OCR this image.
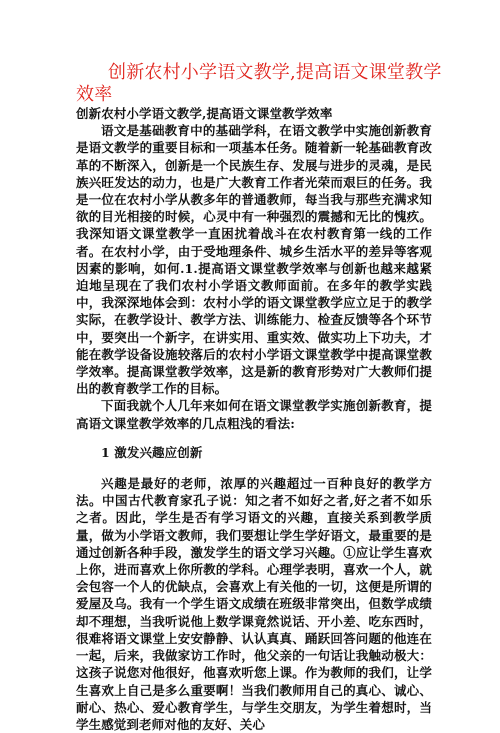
创新农村小学语文教学,提高语文课堂教学效率

创新农村小学语文教学,提高语文课堂教学效率

语文是基础教育中的基础学科，在语文教学中实施创新教育是语文教学的重要目标和一项基本任务。随着新一轮基础教育改革的不断深入，创新是一个民族生存、发展与进步的灵魂，是民族兴旺发达的动力，也是广大教育工作者光荣而艰巨的任务。我是一位在农村小学从教多年的普通教师，每当我与那些充满求知欲的目光相接的时候，心灵中有一种强烈的震撼和无比的愧疚。我深知语文课堂教学一直困扰着战斗在农村教育第一线的工作者。在农村小学，由于受地理条件、城乡生活水平的差异等客观因素的影响，如何.1.提高语文课堂教学效率与创新也越来越紧迫地呈现在了我们农村小学语文教师面前。在多年的教学实践中，我深深地体会到：农村小学的语文课堂教学应立足于的教学实际，在教学设计、教学方法、训练能力、检查反馈等各个环节中，要突出一个新字，在讲实用、重实效、做实功上下功夫，才能在教学设备设施较落后的农村小学语文课堂教学中提高课堂教学效率。提高课堂教学效率，这是新的教育形势对广大教师们提出的教育教学工作的目标。

下面我就个人几年来如何在语文课堂教学实施创新教育，提高语文课堂教学效率的几点粗浅的看法:

1 激发兴趣应创新

兴趣是最好的老师，浓厚的兴趣超过一百种良好的教学方法。中国古代教育家孔子说：知之者不如好之者,好之者不如乐之者。因此，学生是否有学习语文的兴趣，直接关系到教学质量，做为小学语文教师，我们要想让学生学好语文，最重要的是通过创新各种手段，激发学生的语文学习兴趣。①应让学生喜欢上你，进而喜欢上你所教的学科。心理学表明，喜欢一个人，就会包容一个人的优缺点，会喜欢上有关他的一切，这便是所谓的爱屋及乌。我有一个学生语文成绩在班级非常突出，但数学成绩却不理想，当我听说他上数学课竟然说话、开小差、吃东西时，很难将语文课堂上安安静静、认认真真、踊跃回答问题的他连在一起，后来，我做家访工作时，他父亲的一句话让我触动极大：这孩子说您对他很好，他喜欢听您上课。作为教师的我们，让学生喜欢上自己是多么重要啊！当我们教师用自己的真心、诚心、耐心、热心、爱心教育学生，与学生交朋友，为学生着想时，当学生感觉到老师对他的友好、关心
